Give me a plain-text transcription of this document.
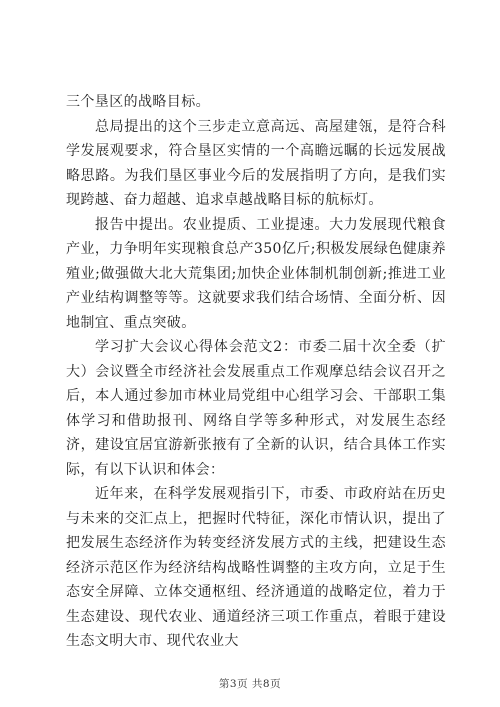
三个垦区的战略目标。

总局提出的这个三步走立意高远、高屋建瓴，是符合科学发展观要求，符合垦区实情的一个高瞻远瞩的长远发展战略思路。为我们垦区事业今后的发展指明了方向，是我们实现跨越、奋力超越、追求卓越战略目标的航标灯。

报告中提出。农业提质、工业提速。大力发展现代粮食产业，力争明年实现粮食总产350亿斤;积极发展绿色健康养殖业;做强做大北大荒集团;加快企业体制机制创新;推进工业产业结构调整等等。这就要求我们结合场情、全面分析、因地制宜、重点突破。

学习扩大会议心得体会范文2：市委二届十次全委（扩大）会议暨全市经济社会发展重点工作观摩总结会议召开之后，本人通过参加市林业局党组中心组学习会、干部职工集体学习和借助报刊、网络自学等多种形式，对发展生态经济，建设宜居宜游新张掖有了全新的认识，结合具体工作实际，有以下认识和体会：

近年来，在科学发展观指引下，市委、市政府站在历史与未来的交汇点上，把握时代特征，深化市情认识，提出了把发展生态经济作为转变经济发展方式的主线，把建设生态经济示范区作为经济结构战略性调整的主攻方向，立足于生态安全屏障、立体交通枢纽、经济通道的战略定位，着力于生态建设、现代农业、通道经济三项工作重点，着眼于建设生态文明大市、现代农业大

第3页 共8页
